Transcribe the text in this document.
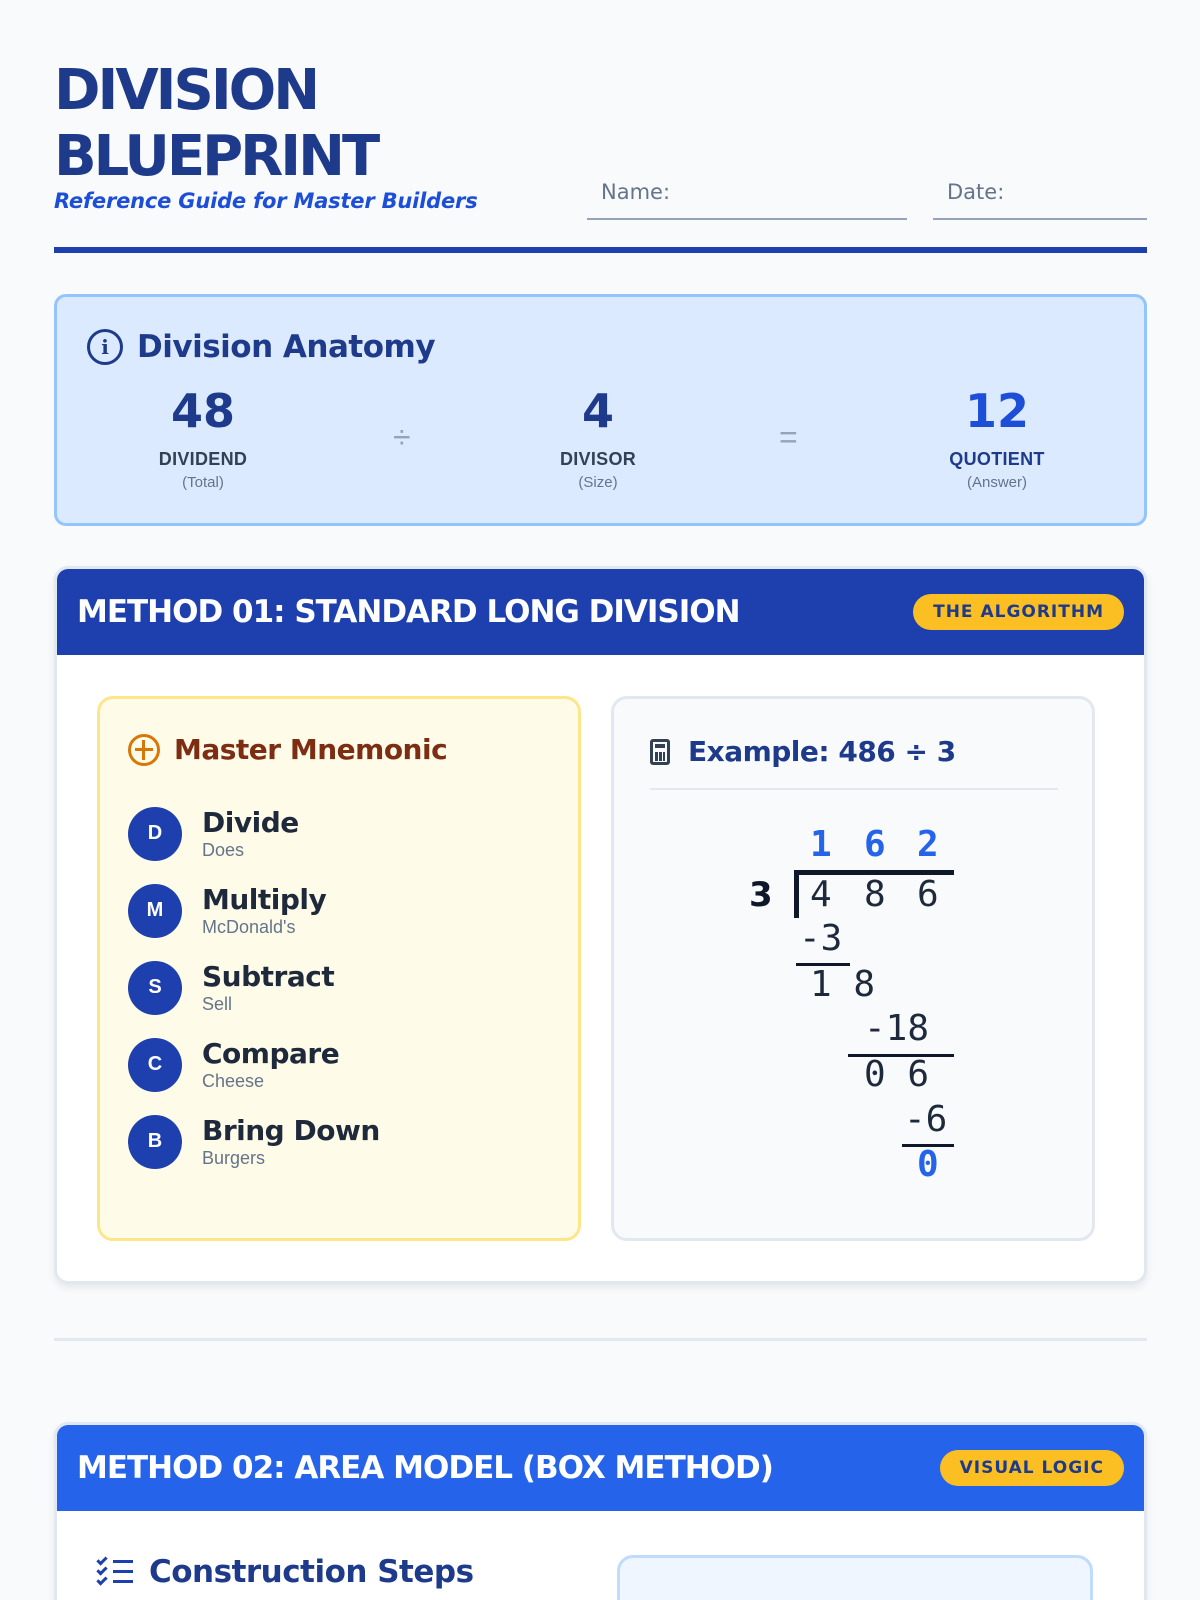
DIVISION
BLUEPRINT
Reference Guide for Master Builders	Name:	Date:
i Division Anatomy
48
DIVIDEND
(Total)
÷	4
DIVISOR
(Size)
=	12
QUOTIENT
(Answer)
METHOD 01: STANDARD LONG DIVISION	THE ALGORITHM
Master Mnemonic
D	Divide
Does
M	Multiply
McDonald's
S	Subtract
Sell
C	Compare
Cheese
B	Bring Down
Burgers
Example: 486 ÷ 3
1 6 2
3 4 8 6
-3
1 8
-18
0 6
-6
0
METHOD 02: AREA MODEL (BOX METHOD)	VISUAL LOGIC
Construction Steps
